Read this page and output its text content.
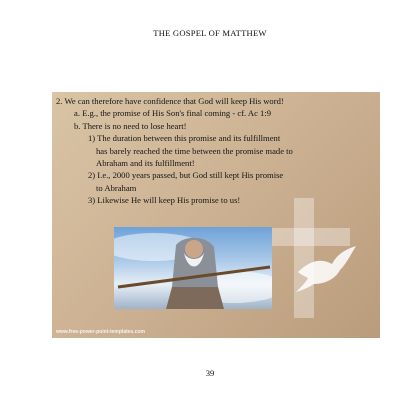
THE GOSPEL OF MATTHEW
2. We can therefore have confidence that God will keep His word!
a. E.g., the promise of His Son's final coming - cf. Ac 1:9
b. There is no need to lose heart!
1) The duration between this promise and its fulfillment
has barely reached the time between the promise made to
Abraham and its fulfillment!
2) I.e., 2000 years passed, but God still kept His promise
to Abraham
3) Likewise He will keep His promise to us!
www.free-power-point-templates.com
39
